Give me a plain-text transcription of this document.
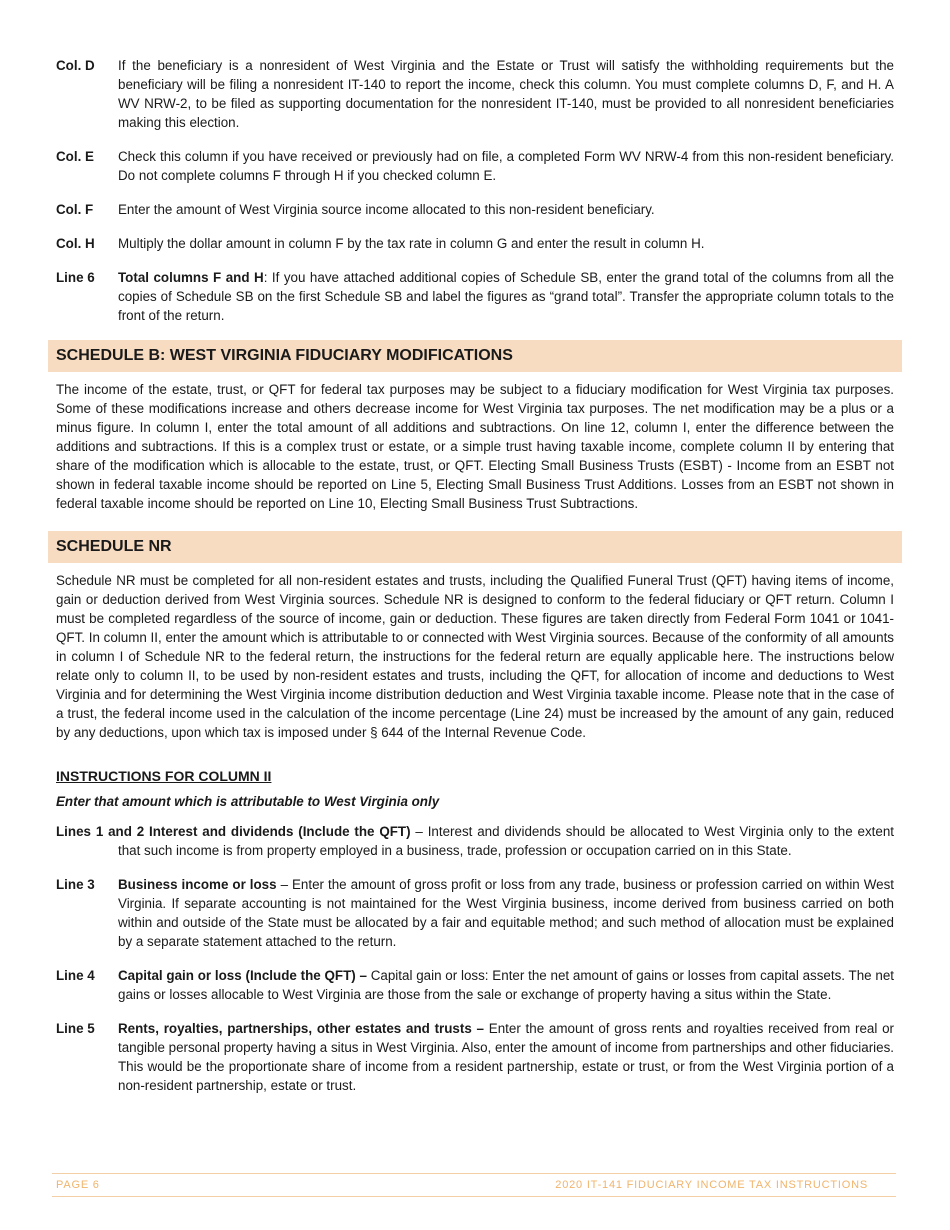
Col. D If the beneficiary is a nonresident of West Virginia and the Estate or Trust will satisfy the withholding requirements but the beneficiary will be filing a nonresident IT-140 to report the income, check this column. You must complete columns D, F, and H. A WV NRW-2, to be filed as supporting documentation for the nonresident IT-140, must be provided to all nonresident beneficiaries making this election.

Col. E Check this column if you have received or previously had on file, a completed Form WV NRW-4 from this non-resident beneficiary. Do not complete columns F through H if you checked column E.

Col. F Enter the amount of West Virginia source income allocated to this non-resident beneficiary.

Col. H Multiply the dollar amount in column F by the tax rate in column G and enter the result in column H.

Line 6 Total columns F and H: If you have attached additional copies of Schedule SB, enter the grand total of the columns from all the copies of Schedule SB on the first Schedule SB and label the figures as “grand total”. Transfer the appropriate column totals to the front of the return.

SCHEDULE B: WEST VIRGINIA FIDUCIARY MODIFICATIONS

The income of the estate, trust, or QFT for federal tax purposes may be subject to a fiduciary modification for West Virginia tax purposes. Some of these modifications increase and others decrease income for West Virginia tax purposes. The net modification may be a plus or a minus figure. In column I, enter the total amount of all additions and subtractions. On line 12, column I, enter the difference between the additions and subtractions. If this is a complex trust or estate, or a simple trust having taxable income, complete column II by entering that share of the modification which is allocable to the estate, trust, or QFT. Electing Small Business Trusts (ESBT) - Income from an ESBT not shown in federal taxable income should be reported on Line 5, Electing Small Business Trust Additions. Losses from an ESBT not shown in federal taxable income should be reported on Line 10, Electing Small Business Trust Subtractions.

SCHEDULE NR

Schedule NR must be completed for all non-resident estates and trusts, including the Qualified Funeral Trust (QFT) having items of income, gain or deduction derived from West Virginia sources. Schedule NR is designed to conform to the federal fiduciary or QFT return. Column I must be completed regardless of the source of income, gain or deduction. These figures are taken directly from Federal Form 1041 or 1041-QFT. In column II, enter the amount which is attributable to or connected with West Virginia sources. Because of the conformity of all amounts in column I of Schedule NR to the federal return, the instructions for the federal return are equally applicable here. The instructions below relate only to column II, to be used by non-resident estates and trusts, including the QFT, for allocation of income and deductions to West Virginia and for determining the West Virginia income distribution deduction and West Virginia taxable income. Please note that in the case of a trust, the federal income used in the calculation of the income percentage (Line 24) must be increased by the amount of any gain, reduced by any deductions, upon which tax is imposed under § 644 of the Internal Revenue Code.

INSTRUCTIONS FOR COLUMN II
Enter that amount which is attributable to West Virginia only

Lines 1 and 2 Interest and dividends (Include the QFT) – Interest and dividends should be allocated to West Virginia only to the extent that such income is from property employed in a business, trade, profession or occupation carried on in this State.

Line 3 Business income or loss – Enter the amount of gross profit or loss from any trade, business or profession carried on within West Virginia. If separate accounting is not maintained for the West Virginia business, income derived from business carried on both within and outside of the State must be allocated by a fair and equitable method; and such method of allocation must be explained by a separate statement attached to the return.

Line 4 Capital gain or loss (Include the QFT) – Capital gain or loss: Enter the net amount of gains or losses from capital assets. The net gains or losses allocable to West Virginia are those from the sale or exchange of property having a situs within the State.

Line 5 Rents, royalties, partnerships, other estates and trusts – Enter the amount of gross rents and royalties received from real or tangible personal property having a situs in West Virginia. Also, enter the amount of income from partnerships and other fiduciaries. This would be the proportionate share of income from a resident partnership, estate or trust, or from the West Virginia portion of a non-resident partnership, estate or trust.

PAGE 6	2020 IT-141 FIDUCIARY INCOME TAX INSTRUCTIONS
